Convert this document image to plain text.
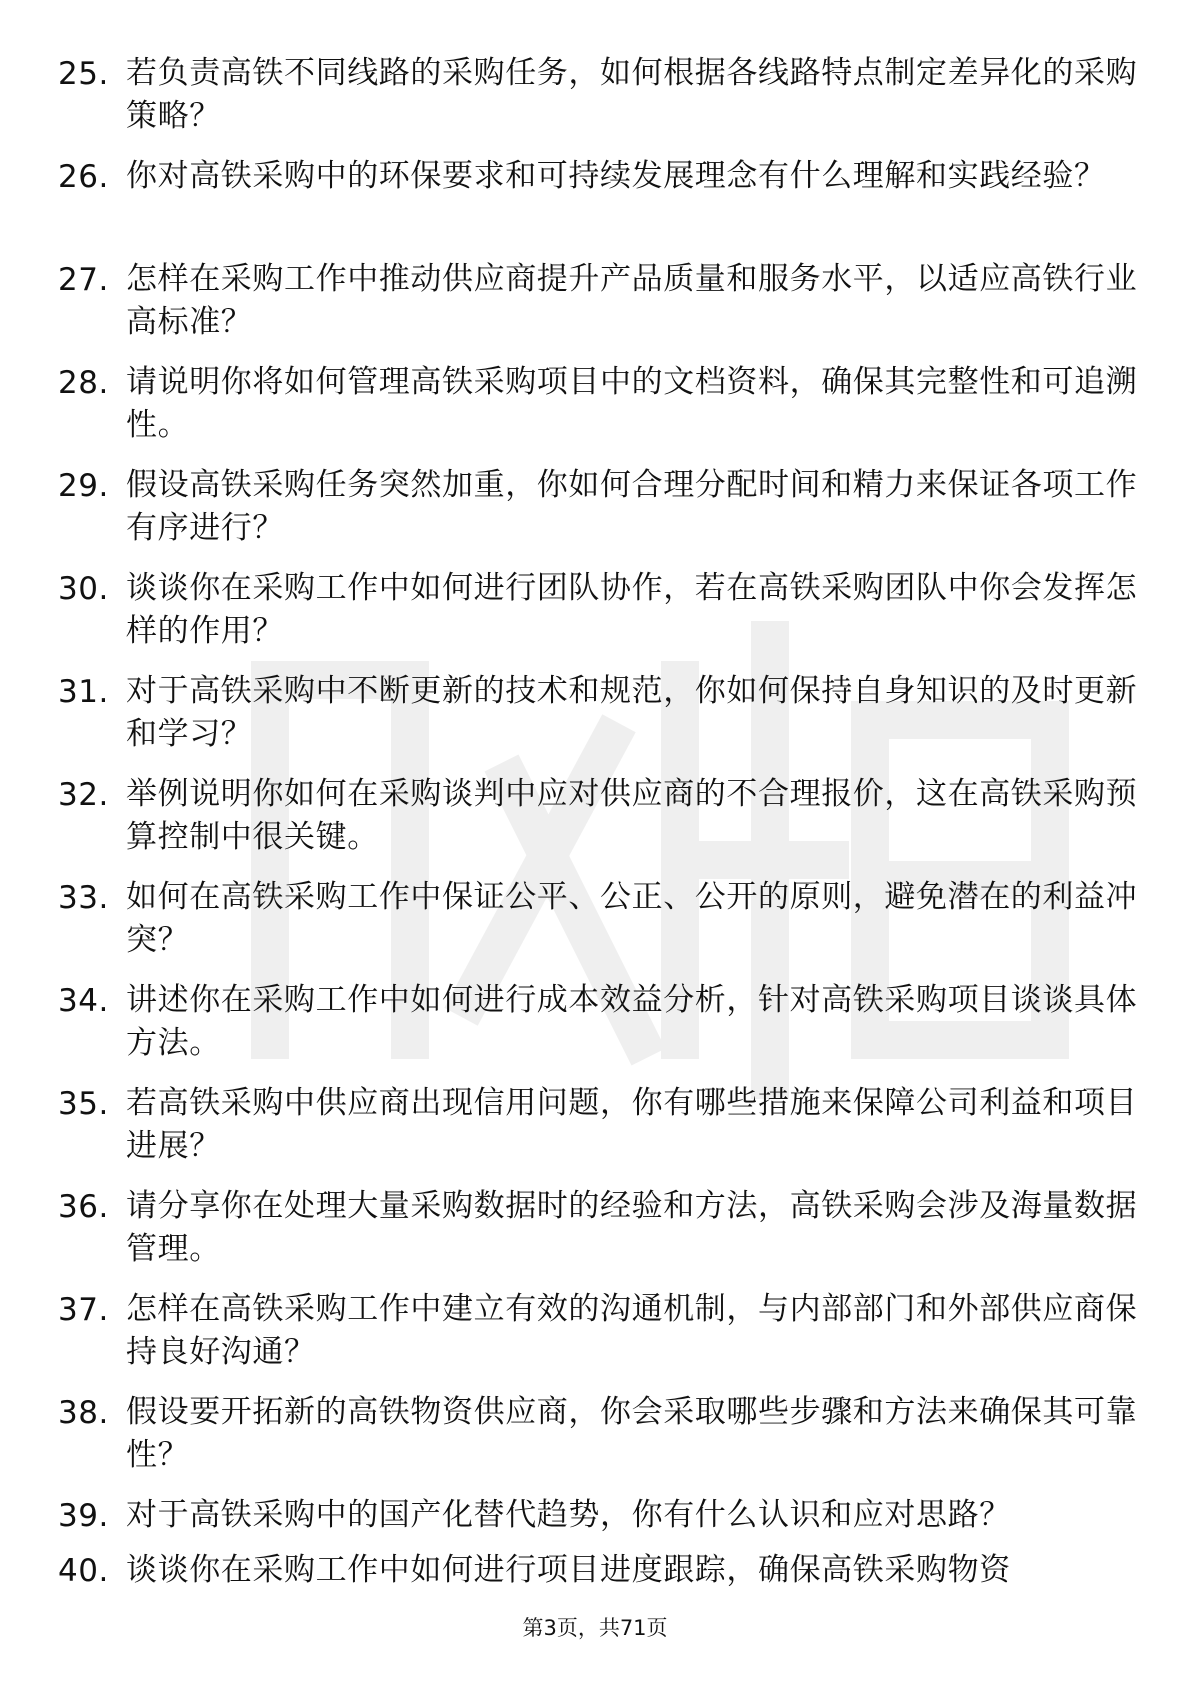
25. 若负责高铁不同线路的采购任务，如何根据各线路特点制定差异化的采购策略？
26. 你对高铁采购中的环保要求和可持续发展理念有什么理解和实践经验？
27. 怎样在采购工作中推动供应商提升产品质量和服务水平，以适应高铁行业高标准？
28. 请说明你将如何管理高铁采购项目中的文档资料，确保其完整性和可追溯性。
29. 假设高铁采购任务突然加重，你如何合理分配时间和精力来保证各项工作有序进行？
30. 谈谈你在采购工作中如何进行团队协作，若在高铁采购团队中你会发挥怎样的作用？
31. 对于高铁采购中不断更新的技术和规范，你如何保持自身知识的及时更新和学习？
32. 举例说明你如何在采购谈判中应对供应商的不合理报价，这在高铁采购预算控制中很关键。
33. 如何在高铁采购工作中保证公平、公正、公开的原则，避免潜在的利益冲突？
34. 讲述你在采购工作中如何进行成本效益分析，针对高铁采购项目谈谈具体方法。
35. 若高铁采购中供应商出现信用问题，你有哪些措施来保障公司利益和项目进展？
36. 请分享你在处理大量采购数据时的经验和方法，高铁采购会涉及海量数据管理。
37. 怎样在高铁采购工作中建立有效的沟通机制，与内部部门和外部供应商保持良好沟通？
38. 假设要开拓新的高铁物资供应商，你会采取哪些步骤和方法来确保其可靠性？
39. 对于高铁采购中的国产化替代趋势，你有什么认识和应对思路？
40. 谈谈你在采购工作中如何进行项目进度跟踪，确保高铁采购物资
第3页，共71页
